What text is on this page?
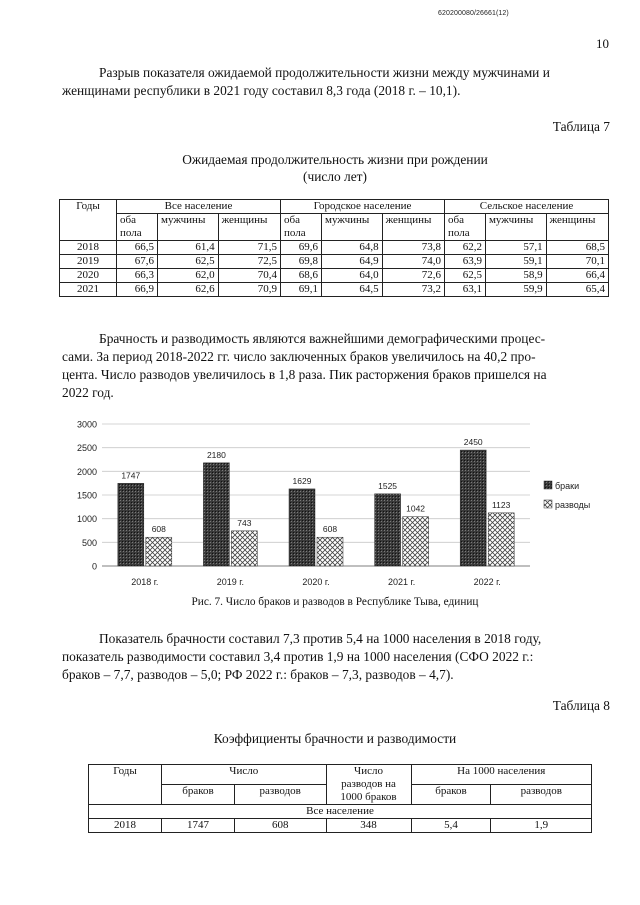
620200080/26661(12)
10
Разрыв показателя ожидаемой продолжительности жизни между мужчинами и
женщинами республики в 2021 году составил 8,3 года (2018 г. – 10,1).
Таблица 7
Ожидаемая продолжительность жизни при рождении
(число лет)
Годы	Все население			Городское население			Сельское население		
	оба пола	мужчины	женщины	оба пола	мужчины	женщины	оба пола	мужчины	женщины
2018	66,5	61,4	71,5	69,6	64,8	73,8	62,2	57,1	68,5
2019	67,6	62,5	72,5	69,8	64,9	74,0	63,9	59,1	70,1
2020	66,3	62,0	70,4	68,6	64,0	72,6	62,5	58,9	66,4
2021	66,9	62,6	70,9	69,1	64,5	73,2	63,1	59,9	65,4
Брачность и разводимость являются важнейшими демографическими процес-
сами. За период 2018-2022 гг. число заключенных браков увеличилось на 40,2 про-
цента. Число разводов увеличилось в 1,8 раза. Пик расторжения браков пришелся на
2022 год.
0
500
1000
1500
2000
2500
3000
1747
608
2018 г.
2180
743
2019 г.
1629
608
2020 г.
1525
1042
2021 г.
2450
1123
2022 г.
браки
разводы
Рис. 7. Число браков и разводов в Республике Тыва, единиц
Показатель брачности составил 7,3 против 5,4 на 1000 населения в 2018 году,
показатель разводимости составил 3,4 против 1,9 на 1000 населения (СФО 2022 г.:
браков – 7,7, разводов – 5,0; РФ 2022 г.: браков – 7,3, разводов – 4,7).
Таблица 8
Коэффициенты брачности и разводимости
Годы	Число		Число
разводов на
1000 браков	На 1000 населения	
	браков	разводов		браков	разводов
Все население					
2018	1747	608	348	5,4	1,9
